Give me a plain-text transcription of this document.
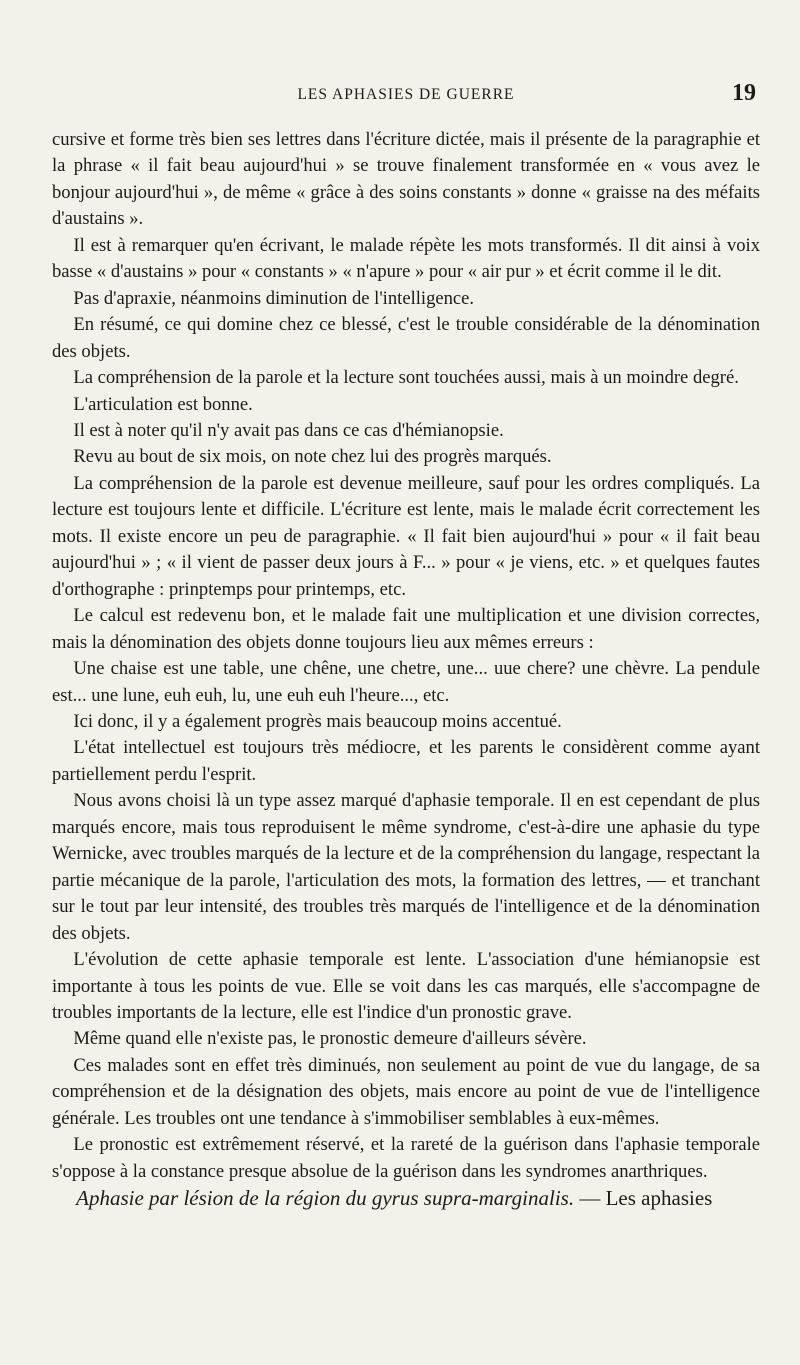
LES APHASIES DE GUERRE	19

cursive et forme très bien ses lettres dans l'écriture dictée, mais il présente de la paragraphie et la phrase « il fait beau aujourd'hui » se trouve finalement transformée en « vous avez le bonjour aujourd'hui », de même « grâce à des soins constants » donne « graisse na des méfaits d'austains ».

Il est à remarquer qu'en écrivant, le malade répète les mots transformés. Il dit ainsi à voix basse « d'austains » pour « constants » « n'apure » pour « air pur » et écrit comme il le dit.

Pas d'apraxie, néanmoins diminution de l'intelligence.

En résumé, ce qui domine chez ce blessé, c'est le trouble considérable de la dénomination des objets.

La compréhension de la parole et la lecture sont touchées aussi, mais à un moindre degré.

L'articulation est bonne.

Il est à noter qu'il n'y avait pas dans ce cas d'hémianopsie.

Revu au bout de six mois, on note chez lui des progrès marqués.

La compréhension de la parole est devenue meilleure, sauf pour les ordres compliqués. La lecture est toujours lente et difficile. L'écriture est lente, mais le malade écrit correctement les mots. Il existe encore un peu de paragraphie. « Il fait bien aujourd'hui » pour « il fait beau aujourd'hui » ; « il vient de passer deux jours à F... » pour « je viens, etc. » et quelques fautes d'orthographe : prinptemps pour printemps, etc.

Le calcul est redevenu bon, et le malade fait une multiplication et une division correctes, mais la dénomination des objets donne toujours lieu aux mêmes erreurs :

Une chaise est une table, une chêne, une chetre, une... uue chere? une chèvre. La pendule est... une lune, euh euh, lu, une euh euh l'heure..., etc.

Ici donc, il y a également progrès mais beaucoup moins accentué.

L'état intellectuel est toujours très médiocre, et les parents le considèrent comme ayant partiellement perdu l'esprit.

Nous avons choisi là un type assez marqué d'aphasie temporale. Il en est cependant de plus marqués encore, mais tous reproduisent le même syndrome, c'est-à-dire une aphasie du type Wernicke, avec troubles marqués de la lecture et de la compréhension du langage, respectant la partie mécanique de la parole, l'articulation des mots, la formation des lettres, — et tranchant sur le tout par leur intensité, des troubles très marqués de l'intelligence et de la dénomination des objets.

L'évolution de cette aphasie temporale est lente. L'association d'une hémianopsie est importante à tous les points de vue. Elle se voit dans les cas marqués, elle s'accompagne de troubles importants de la lecture, elle est l'indice d'un pronostic grave.

Même quand elle n'existe pas, le pronostic demeure d'ailleurs sévère.

Ces malades sont en effet très diminués, non seulement au point de vue du langage, de sa compréhension et de la désignation des objets, mais encore au point de vue de l'intelligence générale. Les troubles ont une tendance à s'immobiliser semblables à eux-mêmes.

Le pronostic est extrêmement réservé, et la rareté de la guérison dans l'aphasie temporale s'oppose à la constance presque absolue de la guérison dans les syndromes anarthriques.

Aphasie par lésion de la région du gyrus supra-marginalis. — Les aphasies
